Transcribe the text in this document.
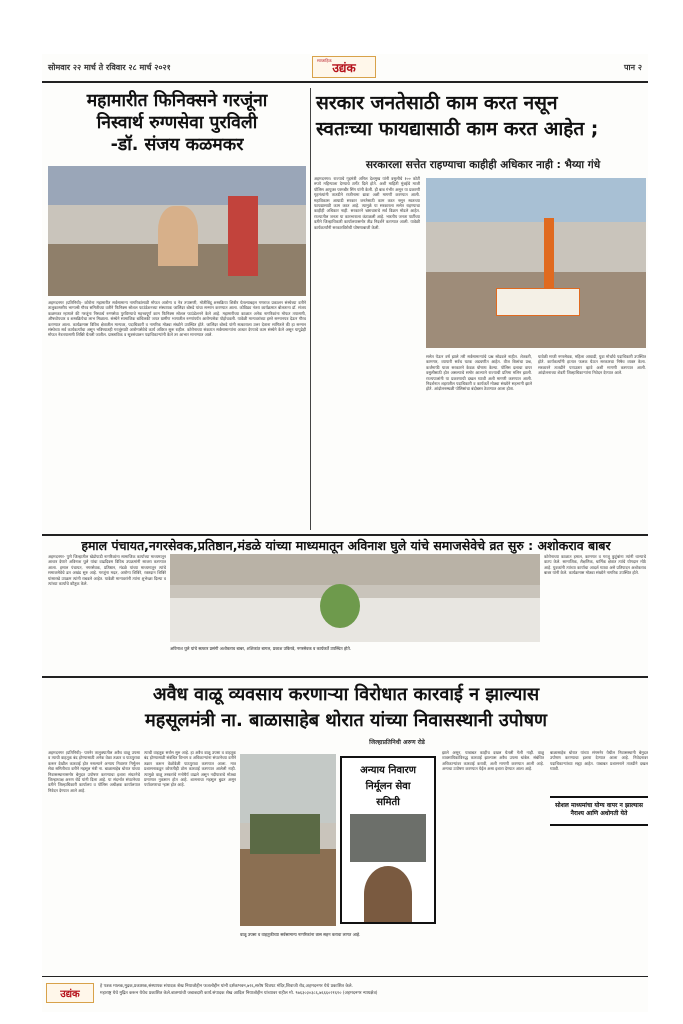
सोमवार २२ मार्च ते रविवार २८ मार्च २०२१	पान २
साप्ताहिक उद्यंक
महामारीत फिनिक्सने गरजूंना
निस्वार्थ रुग्णसेवा पुरविली
-डॉ. संजय कळमकर
अहमदनगर (प्रतिनिधी)- कोरोना महामारीत सर्वसामान्य नागरिकांसाठी मोफत आरोग्य व नेत्र तपासणी, मोतीबिंदू शस्त्रक्रिया शिबीर घेतल्याबद्दल गणराज प्रकाशन संस्थेच्या वतीने तालुकास्तरीय भाग्यश्री गौरव समितीच्या वतीने फिनिक्स सोशल फाउंडेशनच्या संस्थापक जालिंदर बोरुडे यांचा सन्मान करण्यात आला. कोविड्य नंतरा कार्यक्रमात बोलताना डॉ. संजय कळमकर म्हणाले की गरजूंना निस्वार्थ रुग्णसेवा पुरविण्याचे महत्त्वपूर्ण काम फिनिक्स सोशल फाउंडेशनने केले आहे. महामारीच्या काळात अनेक नागरिकांना मोफत तपासणी, औषधोपचार व शस्त्रक्रियेचा लाभ मिळाला. संस्थेने सामाजिक बांधिलकी जपत ग्रामीण भागातील रुग्णांपर्यंत आरोग्यसेवा पोहोचवली. यावेळी मान्यवरांच्या हस्ते सन्मानपत्र देऊन गौरव करण्यात आला. कार्यक्रमास विविध क्षेत्रातील मान्यवर, पदाधिकारी व नागरिक मोठ्या संख्येने उपस्थित होते. जालिंदर बोरुडे यांनी सत्काराला उत्तर देताना सांगितले की हा सन्मान संस्थेच्या सर्व कार्यकर्त्यांचा असून भविष्यातही गरजूंसाठी आरोग्यसेवेचे कार्य अविरत सुरू राहील. कोरोनाच्या संकटात सर्वसामान्यांना आधार देण्याचे काम संस्थेने केले असून यापुढेही मोफत नेत्रतपासणी शिबिरे घेतली जातील. प्रास्ताविक व सूत्रसंचालन पदाधिकाऱ्यांनी केले तर आभार मानण्यात आले.
सरकार जनतेसाठी काम करत नसून
स्वतःच्या फायद्यासाठी काम करत आहेत ;
सरकारला सत्तेत राहण्याचा काहीही अधिकार नाही : भैय्या गंधे
अहमदनगर। राज्याचे गृहमंत्री अनिल देशमुख यांनी वसुलीचे १०० कोटी रुपये महिन्याला देण्याचे टार्गेट दिले होते. अशी माहिती मुंबईचे माजी पोलिस आयुक्त परमबीर सिंग यांनी केली. ही बाब गंभीर असून या प्रकरणी गृहमंत्र्यांनी तातडीने राजीनामा द्यावा अशी मागणी करण्यात आली. महाविकास आघाडी सरकार जनतेसाठी काम करत नसून स्वतःच्या फायद्यासाठी काम करत आहे. त्यामुळे या सरकारला सत्तेत राहण्याचा काहीही अधिकार नाही. सरकारने भ्रष्टाचाराचे सर्व विक्रम मोडले आहेत. राज्यातील जनता या कारभाराला कंटाळली आहे. भारतीय जनता पार्टीच्या वतीने जिल्हाधिकारी कार्यालयासमोर तीव्र निदर्शने करण्यात आली. यावेळी कार्यकर्त्यांनी सरकारविरोधी घोषणाबाजी केली.
सत्तेत येऊन वर्ष झाले तरी सर्वसामान्यांचे प्रश्न सोडवले नाहीत. शेतकरी, कामगार, व्यापारी सर्वच घटक अडचणीत आहेत. वीज बिलांचा प्रश्न, कर्जमाफी यावर सरकारने केवळ घोषणा केल्या. पोलिस दलाचा वापर वसुलीसाठी होत असल्याचे समोर आल्याने राज्याची प्रतिमा मलिन झाली. राज्यपालांनी या प्रकरणाची दखल घ्यावी अशी मागणी करण्यात आली. निदर्शनात शहरातील पदाधिकारी व कार्यकर्ते मोठ्या संख्येने सहभागी झाले होते. आंदोलनस्थळी पोलिसांचा बंदोबस्त ठेवण्यात आला होता.
यावेळी माजी नगरसेवक, महिला आघाडी, युवा मोर्चाचे पदाधिकारी उपस्थित होते. कार्यकर्त्यांनी हातात फलक घेऊन सरकारचा निषेध व्यक्त केला. सरकारने तातडीने पायउतार व्हावे अशी मागणी करण्यात आली. आंदोलनाच्या शेवटी जिल्हाधिकाऱ्यांना निवेदन देण्यात आले.
हमाल पंचायत,नगरसेवक,प्रतिष्ठान,मंडळे यांच्या माध्यमातून अविनाश घुले यांचे समाजसेवेचे व्रत सुरु : अशोकराव बाबर
अहमदनगर- पुणे जिल्हातील खेडोपाडी नागरिकांना सामाजिक कार्याच्या माध्यमातून आधार देणारे अविनाश घुले यांचा वाढदिवस विविध उपक्रमांनी साजरा करण्यात आला. हमाल पंचायत, नगरसेवक, प्रतिष्ठान, मंडळे यांच्या माध्यमातून त्यांचे समाजसेवेचे व्रत अखंड सुरु आहे. गरजूंना मदत, आरोग्य शिबिरे, रक्तदान शिबिरे यांसारखे उपक्रम त्यांनी राबवले आहेत. यावेळी मान्यवरांनी त्यांना शुभेच्छा दिल्या व त्यांच्या कार्याचे कौतुक केले.
अविनाश घुले यांचे सत्कार प्रसंगी अशोकराव बाबर, शशिकांत बागल, प्रकाश उकिरडे, नगरसेवक व कार्यकर्ते उपस्थित होते.
कोरोनाच्या काळात हमाल, कामगार व गरजू कुटुंबांना त्यांनी धान्याचे वाटप केले. सामाजिक, शैक्षणिक, धार्मिक क्षेत्रात त्यांचे योगदान मोठे आहे. युवकांनी त्यांच्या कार्याचा आदर्श घ्यावा असे प्रतिपादन अशोकराव बाबर यांनी केले. कार्यक्रमास मोठ्या संख्येने नागरिक उपस्थित होते.
अवैध वाळू व्यवसाय करणाऱ्या विरोधात कारवाई न झाल्यास
महसूलमंत्री ना. बाळासाहेब थोरात यांच्या निवासस्थानी उपोषण
जिल्हाप्रतिनिधी अरुण रोडे
अहमदनगर (प्रतिनिधी)- पारनेर तालुक्यातील अवैध वाळू उपसा व त्याची वाहतूक बंद होण्यासाठी अनेक वेळा तक्रार व पाठपुरावा करून देखील कारवाई होत नसल्याने अन्याय निवारण निर्मूलन सेवा समितीच्या वतीने महसूल मंत्री ना. बाळासाहेब थोरात यांच्या निवासस्थानासमोर बेमुदत उपोषण करण्याचा इशारा संघटनेचे जिल्हाध्यक्ष अरुण रोडे यांनी दिला आहे. या संदर्भात संघटनेच्या वतीने जिल्हाधिकारी कार्यालय व पोलिस अधीक्षक कार्यालयात निवेदन देण्यात आले आहे.
त्याची वाहतूक सर्रास सुरु आहे. हा अवैध वाळू उपसा व वाहतूक बंद होण्यासाठी संबंधित विभाग व अधिकाऱ्यांना संघटनेच्या वतीने तक्रार करून वेळोवेळी पाठपुरावा करण्यात आला. मात्र प्रशासनाकडून कोणतीही ठोस कारवाई करण्यात आलेली नाही. त्यामुळे वाळू तस्करांचे मनोधैर्य वाढले असून नदीपात्राचे मोठ्या प्रमाणात नुकसान होत आहे. शासनाचा महसूल बुडत असून पर्यावरणाचा ऱ्हास होत आहे.
अन्याय निवारण
निर्मूलन सेवा
समिती
वाळू उपसा व वाहतुकीच्या सर्वसामान्य नागरिकांना त्रास सहन करावा लागत आहे.
झाले असून, याबाबत काहीच दखल घेतली गेली नाही. वाळू व्यवसायिकांविरुद्ध कारवाई झाल्यास अवैध उपसा थांबेल. संबंधित अधिकाऱ्यांवर कारवाई करावी, अशी मागणी करण्यात आली आहे. अन्यथा उपोषण करण्यात येईल असा इशारा देण्यात आला आहे.
बाळासाहेब थोरात यांच्या संगमनेर येथील निवासस्थानी बेमुदत उपोषण करण्याचा इशारा देण्यात आला आहे. निवेदनावर पदाधिकाऱ्यांच्या सह्या आहेत. याबाबत प्रशासनाने तातडीने दखल घ्यावी.
सोशल माध्यमांचा योग्य वापर न झाल्यास नैराश्य आणि अधोगती येते
उद्यंक
हे पत्रक मालक,मुद्रक,प्रकाशक,संस्थापक संपादक शेख नियाजोद्दीन फजलोद्दीन यांनी दर्शकभवन,७२६,सरोष चित्रपट मंदिर,शिवाजी रोड,अहमदनगर येथे प्रकाशित केले.
महाराष्ट्र येथे मुद्रित करून येथेच प्रकाशित केले.बातम्यांची जबाबदारी कार्य.संपादक शेख आदिल नियाजोद्दीन यांच्यावर राहील मो. ९७६३०३०३८६,७६६६०२१६१० (अहमदनगर न्यायक्षेत्र)
